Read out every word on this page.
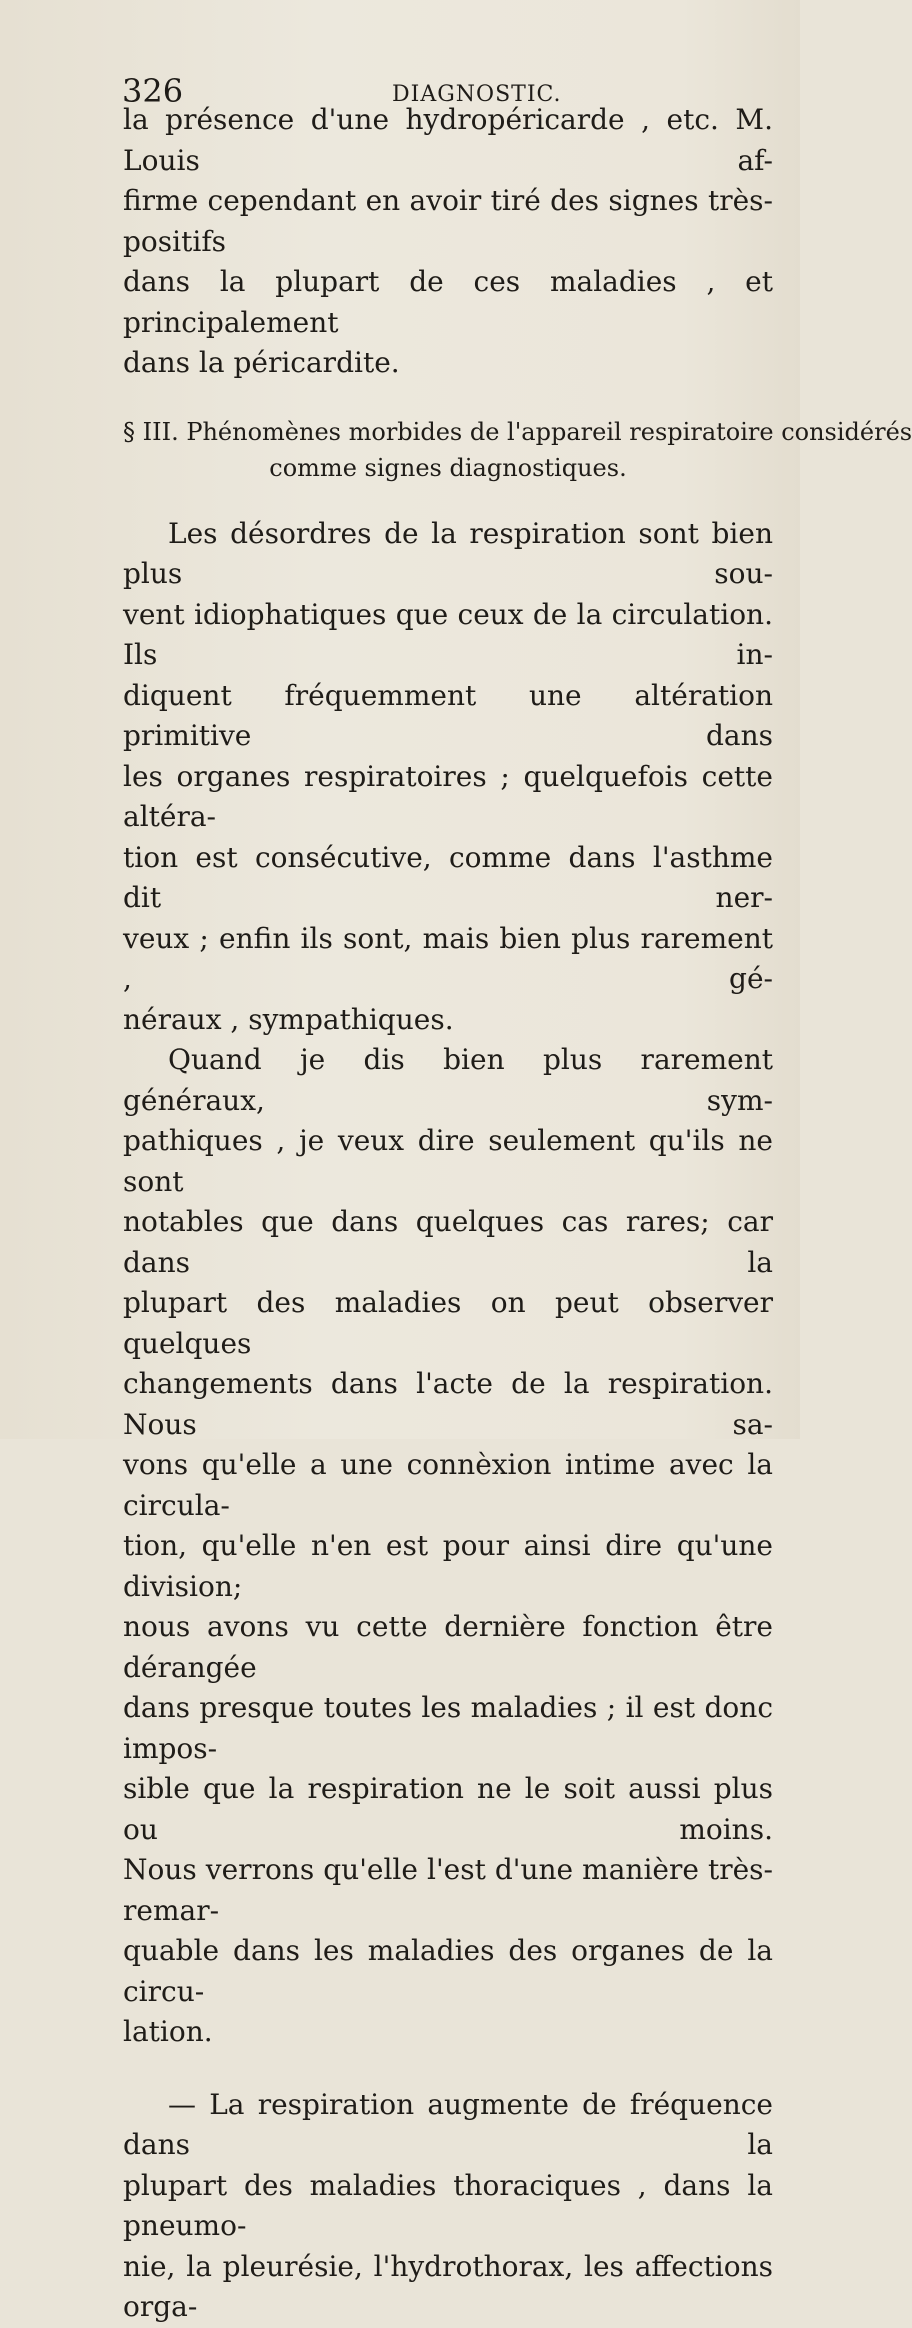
326	DIAGNOSTIC.

la présence d'une hydropéricarde , etc. M. Louis af-

firme cependant en avoir tiré des signes très-positifs

dans la plupart de ces maladies , et principalement

dans la péricardite.

§ III. Phénomènes morbides de l'appareil respiratoire considérés
comme signes diagnostiques.

Les désordres de la respiration sont bien plus sou-

vent idiophatiques que ceux de la circulation. Ils in-

diquent fréquemment une altération primitive dans

les organes respiratoires ; quelquefois cette altéra-

tion est consécutive, comme dans l'asthme dit ner-

veux ; enfin ils sont, mais bien plus rarement , gé-

néraux , sympathiques.

Quand je dis bien plus rarement généraux, sym-

pathiques , je veux dire seulement qu'ils ne sont

notables que dans quelques cas rares; car dans la

plupart des maladies on peut observer quelques

changements dans l'acte de la respiration. Nous sa-

vons qu'elle a une connèxion intime avec la circula-

tion, qu'elle n'en est pour ainsi dire qu'une division;

nous avons vu cette dernière fonction être dérangée

dans presque toutes les maladies ; il est donc impos-

sible que la respiration ne le soit aussi plus ou moins.

Nous verrons qu'elle l'est d'une manière très-remar-

quable dans les maladies des organes de la circu-

lation.

— La respiration augmente de fréquence dans la

plupart des maladies thoraciques , dans la pneumo-

nie, la pleurésie, l'hydrothorax, les affections orga-
